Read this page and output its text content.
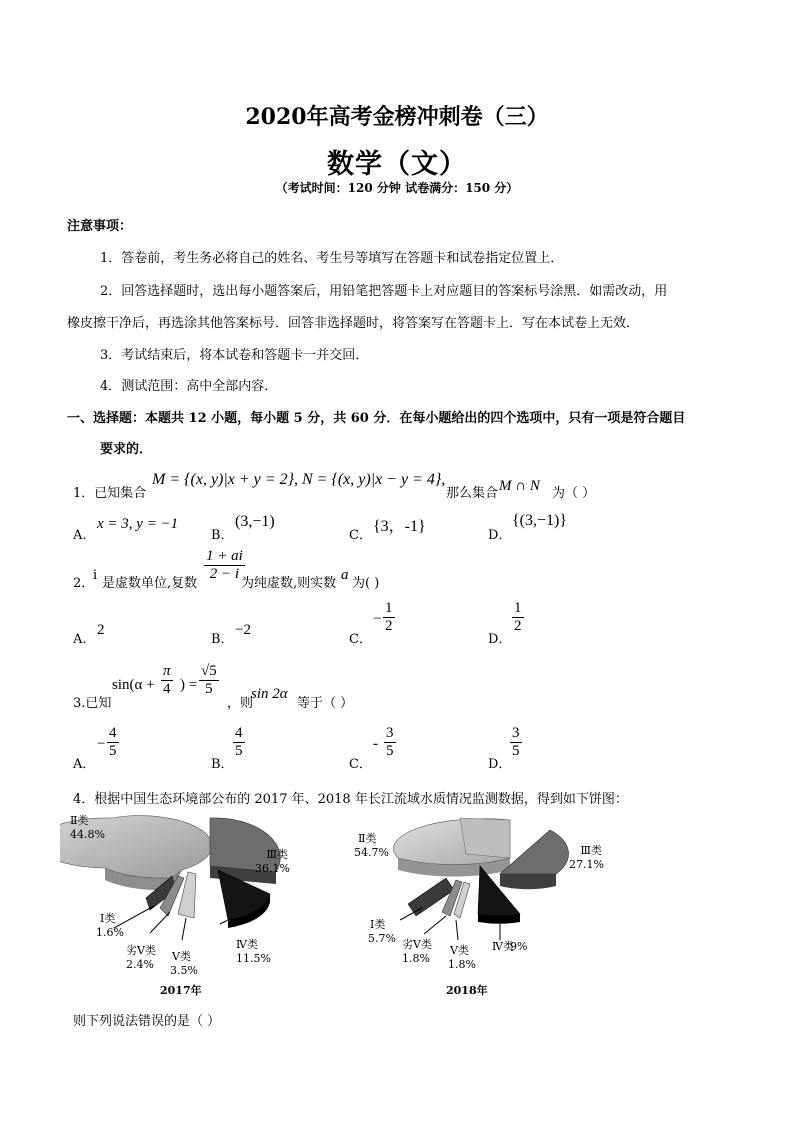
2020年高考金榜冲刺卷（三）
数学（文）
（考试时间：120 分钟 试卷满分：150 分）
注意事项：
1．答卷前，考生务必将自己的姓名、考生号等填写在答题卡和试卷指定位置上．
2．回答选择题时，选出每小题答案后，用铅笔把答题卡上对应题目的答案标号涂黑．如需改动，用
橡皮擦干净后，再选涂其他答案标号．回答非选择题时，将答案写在答题卡上．写在本试卷上无效．
3．考试结束后，将本试卷和答题卡一并交回．
4．测试范围：高中全部内容．
一、选择题：本题共 12 小题，每小题 5 分，共 60 分．在每小题给出的四个选项中，只有一项是符合题目
要求的．
1．已知集合
M = {(x, y)|x + y = 2}, N = {(x, y)|x − y = 4},
那么集合 M ∩ N 为（ ）
A．
x = 3, y = −1
B．
(3,−1)
C．
{3，-1}
D．
{(3,−1)}
2．
i
是虚数单位,复数
$\frac{1 + ai}{2 - i}$
为纯虚数,则实数
a
为( )
A．
2
B．
−2
C．
− $\frac{1}{2}$
D．
$\frac{1}{2}$
3.已知
$\sin(\alpha + \frac{\pi}{4}$ ) = $\frac{√5}{5}$
，则
sin 2α
等于（ ）
A．
− $\frac{4}{5}$
B．
$\frac{4}{5}$
C．
- $\frac{3}{5}$
D．
$\frac{3}{5}$
4．根据中国生态环境部公布的 2017 年、2018 年长江流域水质情况监测数据，得到如下饼图：
Ⅱ类
44.8%
Ⅲ类
36.1%
Ⅰ类
1.6%
劣Ⅴ类
2.4%
Ⅴ类
3.5%
Ⅳ类
11.5%
2017年
Ⅱ类
54.7%	Ⅲ类
27.1%
Ⅰ类
5.7% 劣Ⅴ类
1.8%
Ⅴ类
1.8%
Ⅳ类
9%
2018年
则下列说法错误的是（ ）
